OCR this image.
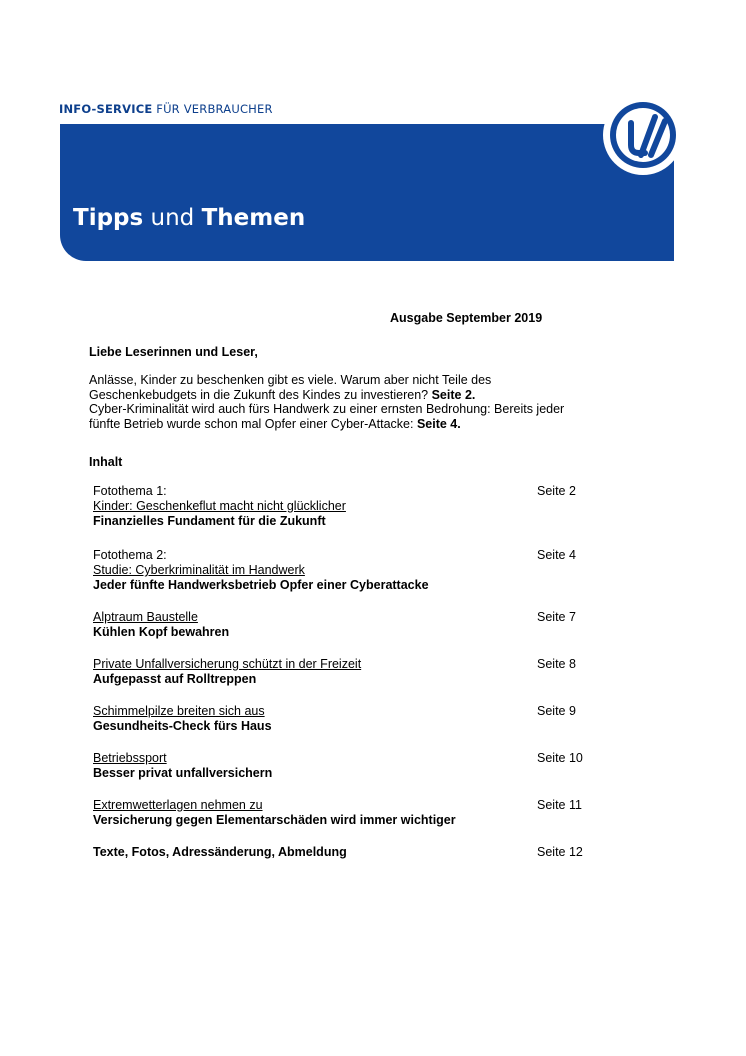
INFO-SERVICE FÜR VERBRAUCHER
Tipps und Themen
Ausgabe September 2019
Liebe Leserinnen und Leser,

Anlässe, Kinder zu beschenken gibt es viele. Warum aber nicht Teile des

Geschenkebudgets in die Zukunft des Kindes zu investieren? Seite 2.

Cyber-Kriminalität wird auch fürs Handwerk zu einer ernsten Bedrohung: Bereits jeder

fünfte Betrieb wurde schon mal Opfer einer Cyber-Attacke: Seite 4.

Inhalt
Fotothema 1:
Kinder: Geschenkeflut macht nicht glücklicher
Finanzielles Fundament für die Zukunft
Seite 2
Fotothema 2:
Studie: Cyberkriminalität im Handwerk
Jeder fünfte Handwerksbetrieb Opfer einer Cyberattacke
Seite 4
Alptraum Baustelle
Kühlen Kopf bewahren
Seite 7
Private Unfallversicherung schützt in der Freizeit
Aufgepasst auf Rolltreppen
Seite 8
Schimmelpilze breiten sich aus
Gesundheits-Check fürs Haus
Seite 9
Betriebssport
Besser privat unfallversichern
Seite 10
Extremwetterlagen nehmen zu
Versicherung gegen Elementarschäden wird immer wichtiger
Seite 11
Texte, Fotos, Adressänderung, Abmeldung	Seite 12
